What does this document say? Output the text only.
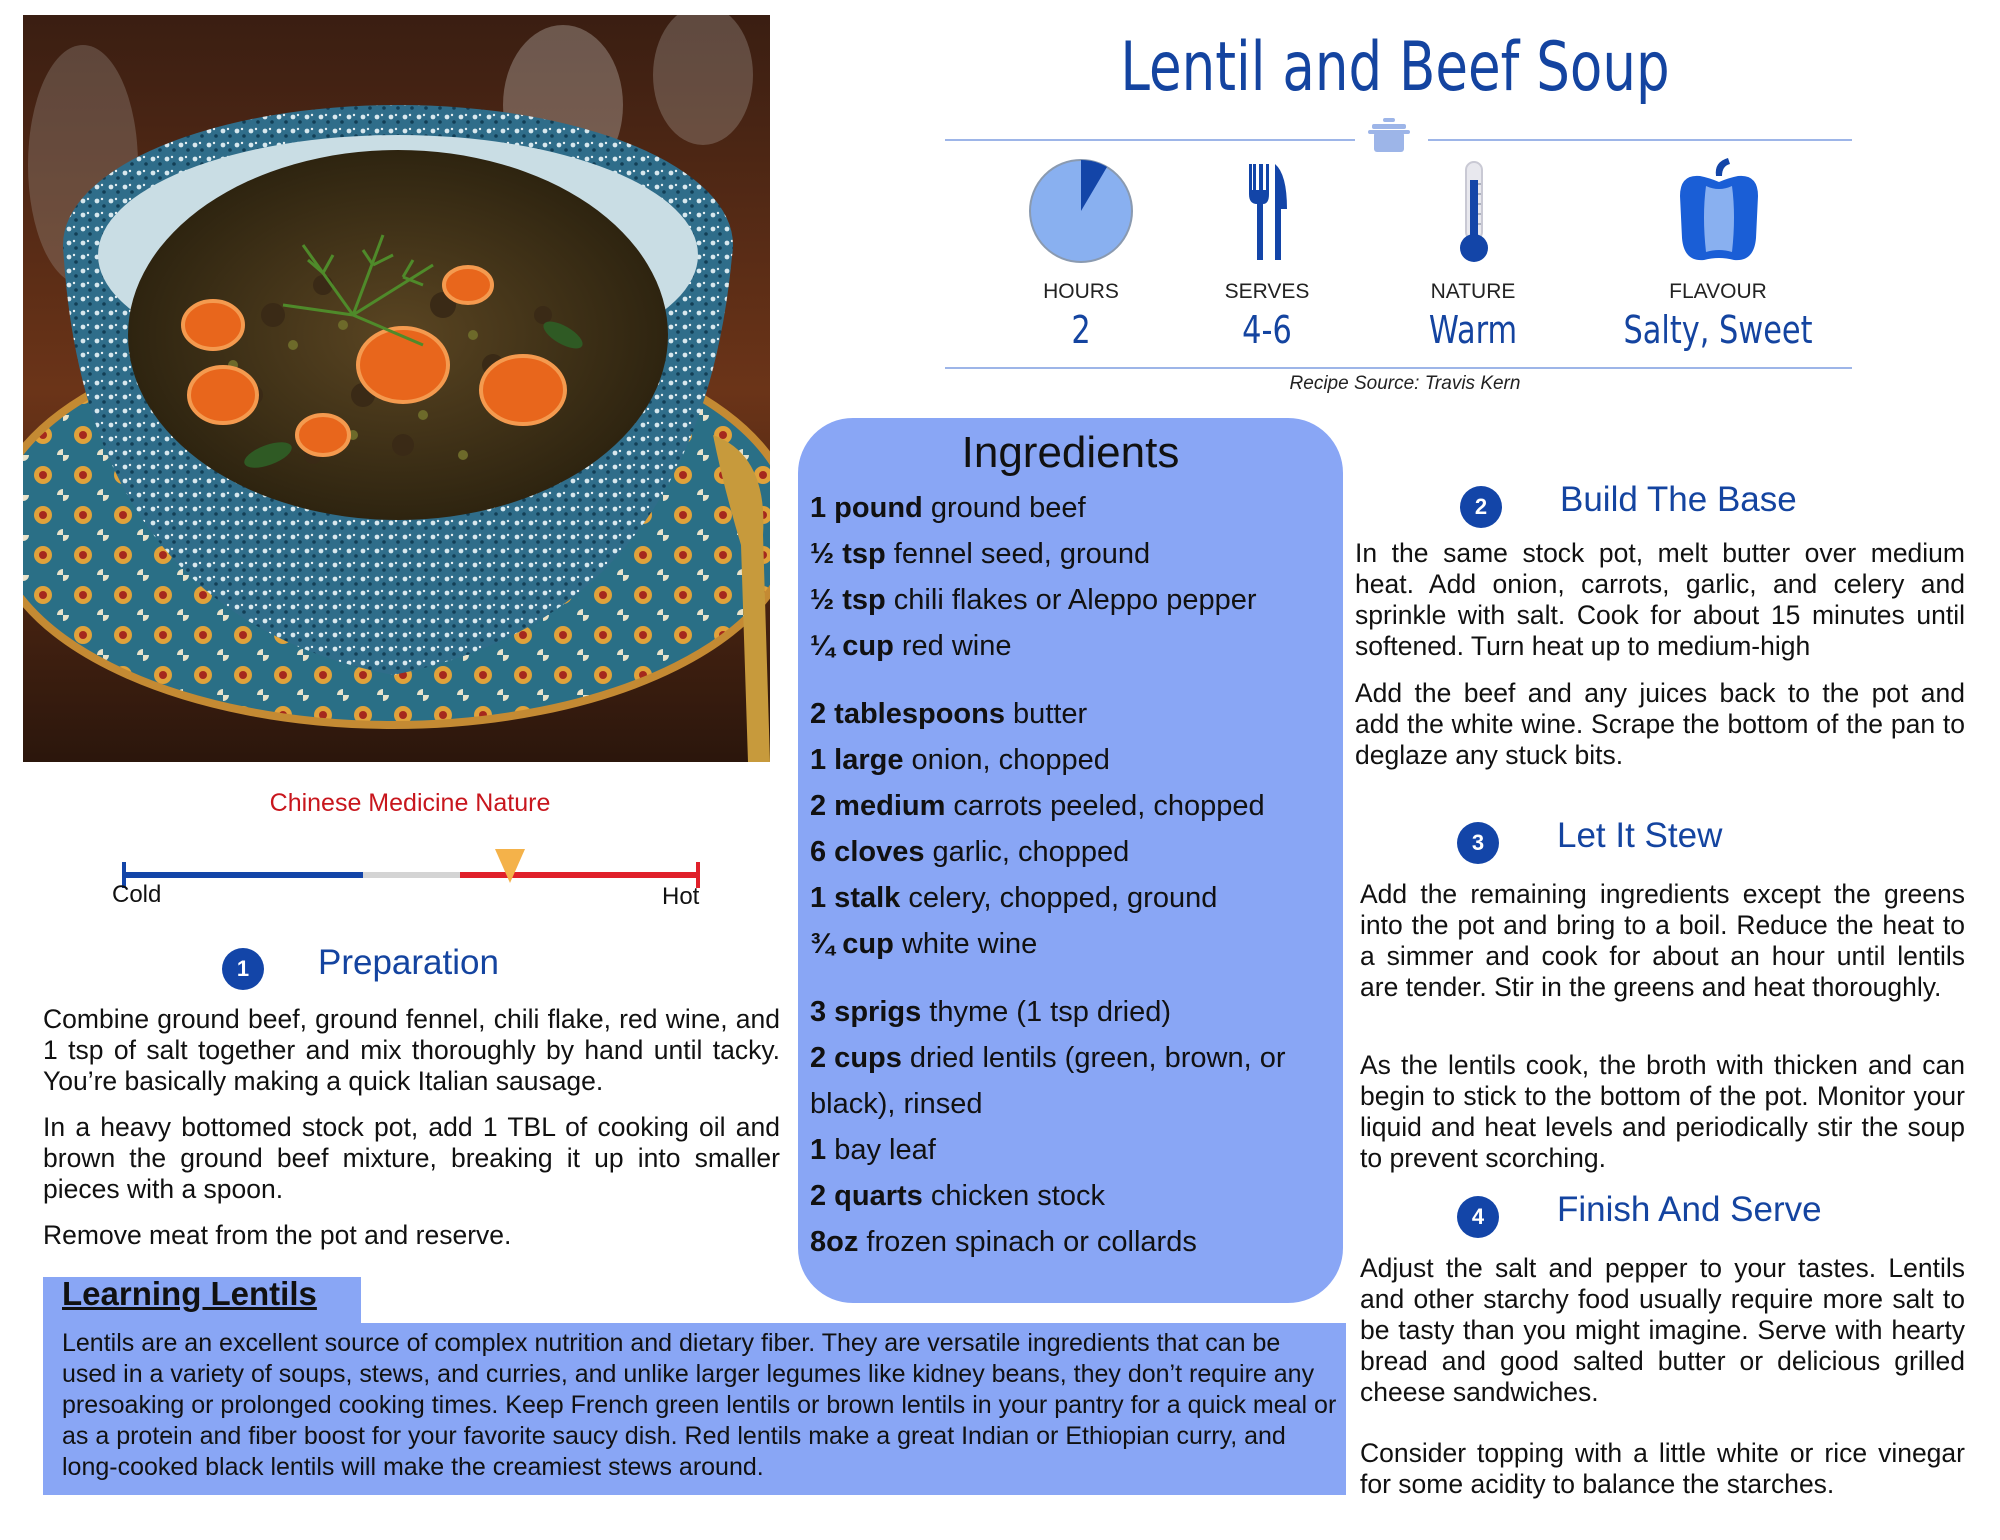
Lentil and Beef Soup
HOURS
2
SERVES
4-6
NATURE
Warm
FLAVOUR
Salty, Sweet
Recipe Source: Travis Kern
Chinese Medicine Nature
Cold	Hot
1	Preparation

Combine ground beef, ground fennel, chili flake, red wine, and 1 tsp of salt together and mix thoroughly by hand until tacky. You’re basically making a quick Italian sausage.

In a heavy bottomed stock pot, add 1 TBL of cooking oil and brown the ground beef mixture, breaking it up into smaller pieces with a spoon.

Remove meat from the pot and reserve.

Ingredients
1 pound ground beef
½ tsp fennel seed, ground
½ tsp chili flakes or Aleppo pepper
¼ cup red wine
2 tablespoons butter
1 large onion, chopped
2 medium carrots peeled, chopped
6 cloves garlic, chopped
1 stalk celery, chopped, ground
¾ cup white wine
3 sprigs thyme (1 tsp dried)
2 cups dried lentils (green, brown, or
black), rinsed
1 bay leaf
2 quarts chicken stock
8oz frozen spinach or collards
2	Build The Base

In the same stock pot, melt butter over medium heat. Add onion, carrots, garlic, and celery and sprinkle with salt. Cook for about 15 minutes until softened. Turn heat up to medium-high

Add the beef and any juices back to the pot and add the white wine. Scrape the bottom of the pan to deglaze any stuck bits.

3	Let It Stew

Add the remaining ingredients except the greens into the pot and bring to a boil. Reduce the heat to a simmer and cook for about an hour until lentils are tender. Stir in the greens and heat thoroughly.

As the lentils cook, the broth with thicken and can begin to stick to the bottom of the pot. Monitor your liquid and heat levels and periodically stir the soup to prevent scorching.

4	Finish And Serve

Adjust the salt and pepper to your tastes. Lentils and other starchy food usually require more salt to be tasty than you might imagine. Serve with hearty bread and good salted butter or delicious grilled cheese sandwiches.

Consider topping with a little white or rice vinegar for some acidity to balance the starches.

Learning Lentils

Lentils are an excellent source of complex nutrition and dietary fiber. They are versatile ingredients that can be used in a variety of soups, stews, and curries, and unlike larger legumes like kidney beans, they don’t require any presoaking or prolonged cooking times. Keep French green lentils or brown lentils in your pantry for a quick meal or as a protein and fiber boost for your favorite saucy dish. Red lentils make a great Indian or Ethiopian curry, and long-cooked black lentils will make the creamiest stews around.
